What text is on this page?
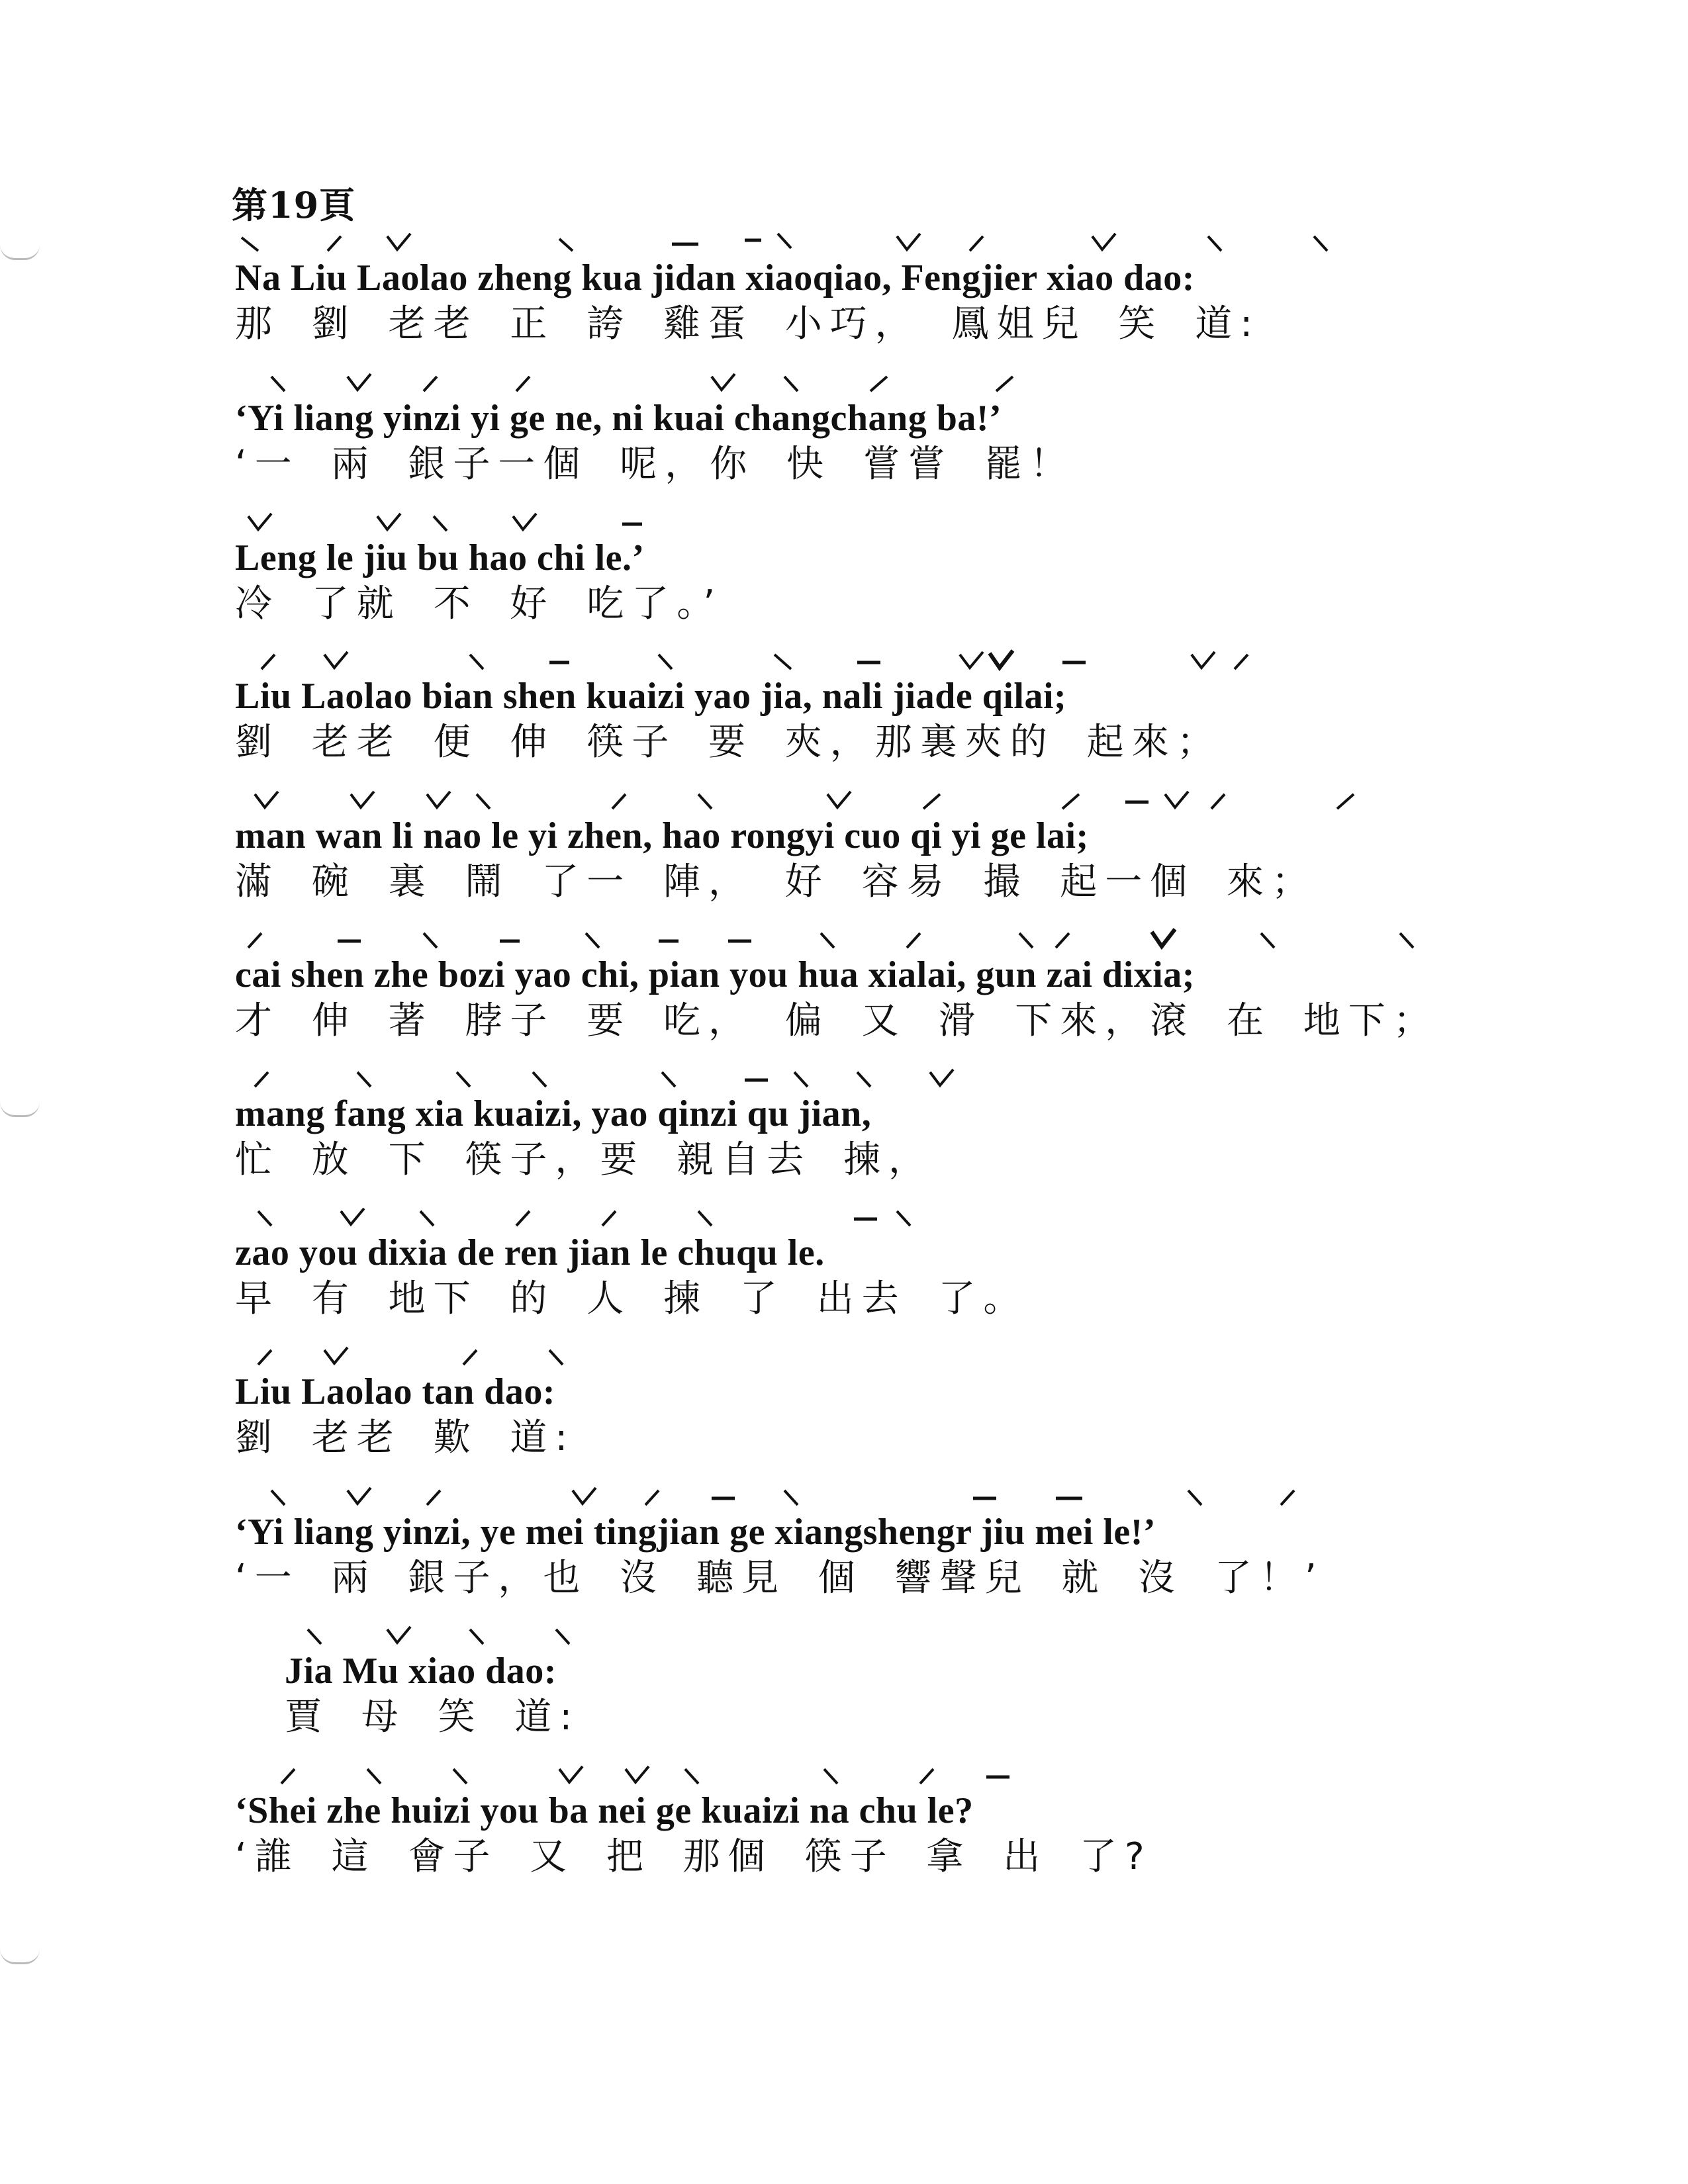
第19頁
Na Liu Laolao zheng kua jidan xiaoqiao, Fengjier xiao dao:
那 劉 老老 正 誇 雞蛋 小巧， 鳳姐兒 笑 道:
‘Yi liang yinzi yi ge ne, ni kuai changchang ba!’
‘一 兩 銀子一個 呢，你 快 嘗嘗 罷！
Leng le jiu bu hao chi le.’
冷 了就 不 好 吃了。’
Liu Laolao bian shen kuaizi yao jia, nali jiade qilai;
劉 老老 便 伸 筷子 要 夾，那裏夾的 起來；
man wan li nao le yi zhen, hao rongyi cuo qi yi ge lai;
滿 碗 裏 鬧 了一 陣， 好 容易 撮 起一個 來；
cai shen zhe bozi yao chi, pian you hua xialai, gun zai dixia;
才 伸 著 脖子 要 吃， 偏 又 滑 下來，滾 在 地下；
mang fang xia kuaizi, yao qinzi qu jian,
忙 放 下 筷子，要 親自去 揀，
zao you dixia de ren jian le chuqu le.
早 有 地下 的 人 揀 了 出去 了。
Liu Laolao tan dao:
劉 老老 歎 道:
‘Yi liang yinzi, ye mei tingjian ge xiangshengr jiu mei le!’
‘一 兩 銀子，也 沒 聽見 個 響聲兒 就 沒 了！’
Jia Mu xiao dao:
賈 母 笑 道:
‘Shei zhe huizi you ba nei ge kuaizi na chu le?
‘誰 這 會子 又 把 那個 筷子 拿 出 了?
